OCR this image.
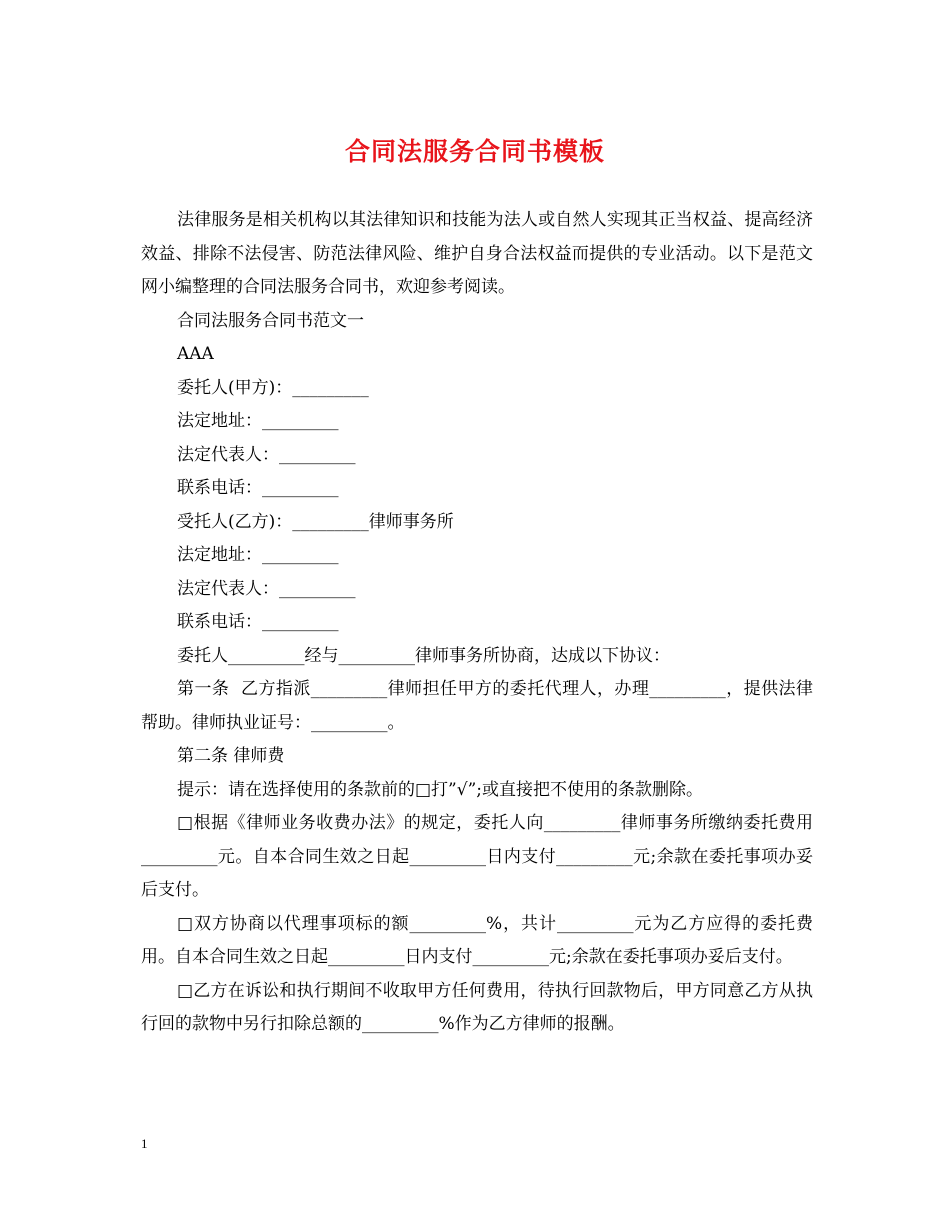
合同法服务合同书模板

法律服务是相关机构以其法律知识和技能为法人或自然人实现其正当权益、提高经济效益、排除不法侵害、防范法律风险、维护自身合法权益而提供的专业活动。以下是范文网小编整理的合同法服务合同书，欢迎参考阅读。

合同法服务合同书范文一

AAA

委托人(甲方)：_________

法定地址：_________

法定代表人：_________

联系电话：_________

受托人(乙方)：_________律师事务所

法定地址：_________

法定代表人：_________

联系电话：_________

委托人_________经与_________律师事务所协商，达成以下协议：

第一条  乙方指派_________律师担任甲方的委托代理人，办理_________，提供法律帮助。律师执业证号：_________。

第二条 律师费

提示：请在选择使用的条款前的□打”√”;或直接把不使用的条款删除。

□根据《律师业务收费办法》的规定，委托人向_________律师事务所缴纳委托费用_________元。自本合同生效之日起_________日内支付_________元;余款在委托事项办妥后支付。

□双方协商以代理事项标的额_________%，共计_________元为乙方应得的委托费用。自本合同生效之日起_________日内支付_________元;余款在委托事项办妥后支付。

□乙方在诉讼和执行期间不收取甲方任何费用，待执行回款物后，甲方同意乙方从执行回的款物中另行扣除总额的_________%作为乙方律师的报酬。

1
